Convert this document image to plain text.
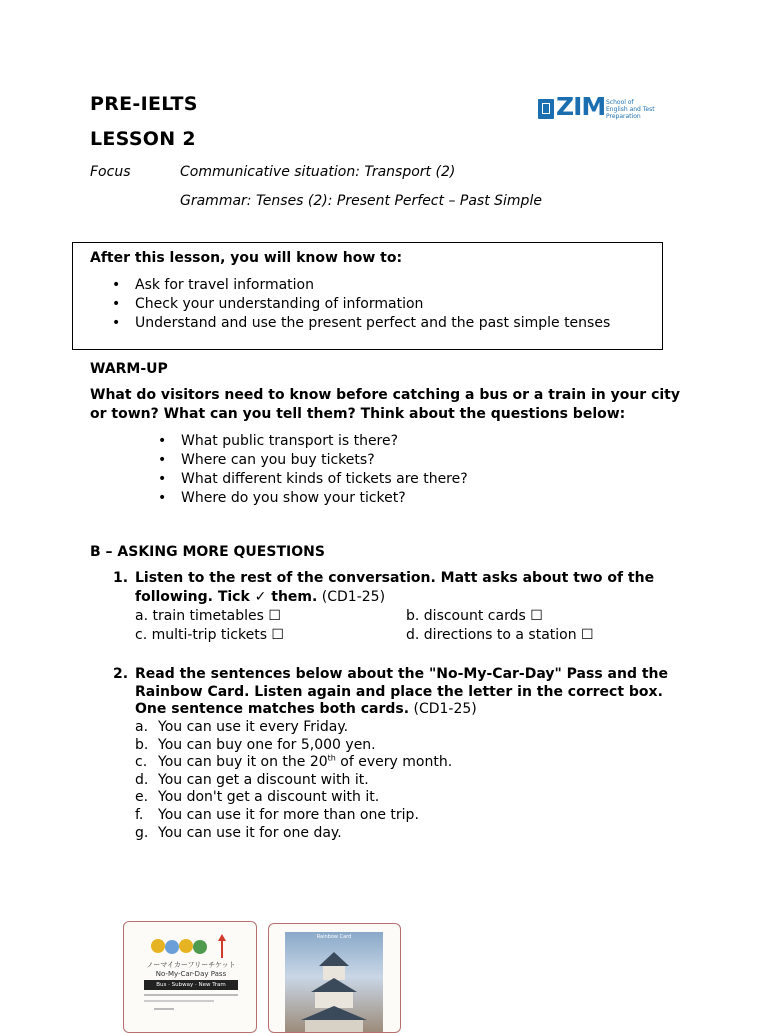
PRE-IELTS
LESSON 2
Focus	Communicative situation: Transport (2)
Grammar: Tenses (2): Present Perfect – Past Simple
ZIM School of
English and Test
Preparation
After this lesson, you will know how to:
• Ask for travel information
• Check your understanding of information
• Understand and use the present perfect and the past simple tenses
WARM-UP
What do visitors need to know before catching a bus or a train in your city
or town? What can you tell them? Think about the questions below:
• What public transport is there?
• Where can you buy tickets?
• What different kinds of tickets are there?
• Where do you show your ticket?
B – ASKING MORE QUESTIONS
1. Listen to the rest of the conversation. Matt asks about two of the
following. Tick ✓ them. (CD1-25)
a. train timetables ☐	b. discount cards ☐
c. multi-trip tickets ☐	d. directions to a station ☐
2. Read the sentences below about the "No-My-Car-Day" Pass and the
Rainbow Card. Listen again and place the letter in the correct box.
One sentence matches both cards. (CD1-25)
a. You can use it every Friday.
b. You can buy one for 5,000 yen.
c. You can buy it on the 20th of every month.
d. You can get a discount with it.
e. You don't get a discount with it.
f. You can use it for more than one trip.
g. You can use it for one day.
ノーマイカーフリーチケット
No-My-Car-Day Pass
Bus · Subway · New Tram
Rainbow Card
